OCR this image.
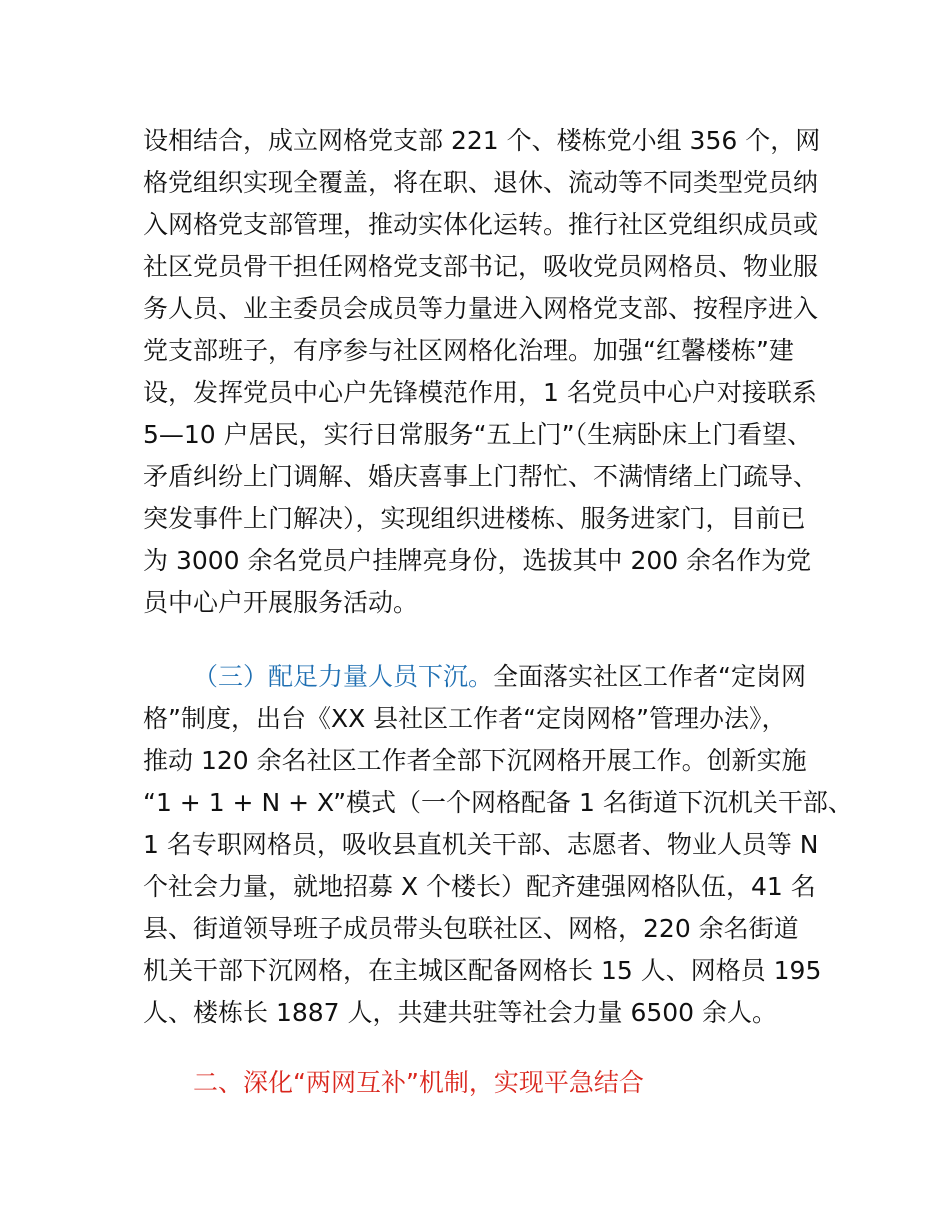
设相结合，成立网格党支部 221 个、楼栋党小组 356 个，网
格党组织实现全覆盖，将在职、退休、流动等不同类型党员纳
入网格党支部管理，推动实体化运转。推行社区党组织成员或
社区党员骨干担任网格党支部书记，吸收党员网格员、物业服
务人员、业主委员会成员等力量进入网格党支部、按程序进入
党支部班子，有序参与社区网格化治理。加强“红馨楼栋”建
设，发挥党员中心户先锋模范作用，1 名党员中心户对接联系
5—10 户居民，实行日常服务“五上门”（生病卧床上门看望、
矛盾纠纷上门调解、婚庆喜事上门帮忙、不满情绪上门疏导、
突发事件上门解决），实现组织进楼栋、服务进家门，目前已
为 3000 余名党员户挂牌亮身份，选拔其中 200 余名作为党
员中心户开展服务活动。
（三）配足力量人员下沉。全面落实社区工作者“定岗网
格”制度，出台《XX 县社区工作者“定岗网格”管理办法》，
推动 120 余名社区工作者全部下沉网格开展工作。创新实施
“1 + 1 + N + X”模式（一个网格配备 1 名街道下沉机关干部、
1 名专职网格员，吸收县直机关干部、志愿者、物业人员等 N
个社会力量，就地招募 X 个楼长）配齐建强网格队伍，41 名
县、街道领导班子成员带头包联社区、网格，220 余名街道
机关干部下沉网格，在主城区配备网格长 15 人、网格员 195
人、楼栋长 1887 人，共建共驻等社会力量 6500 余人。
二、深化“两网互补”机制，实现平急结合
